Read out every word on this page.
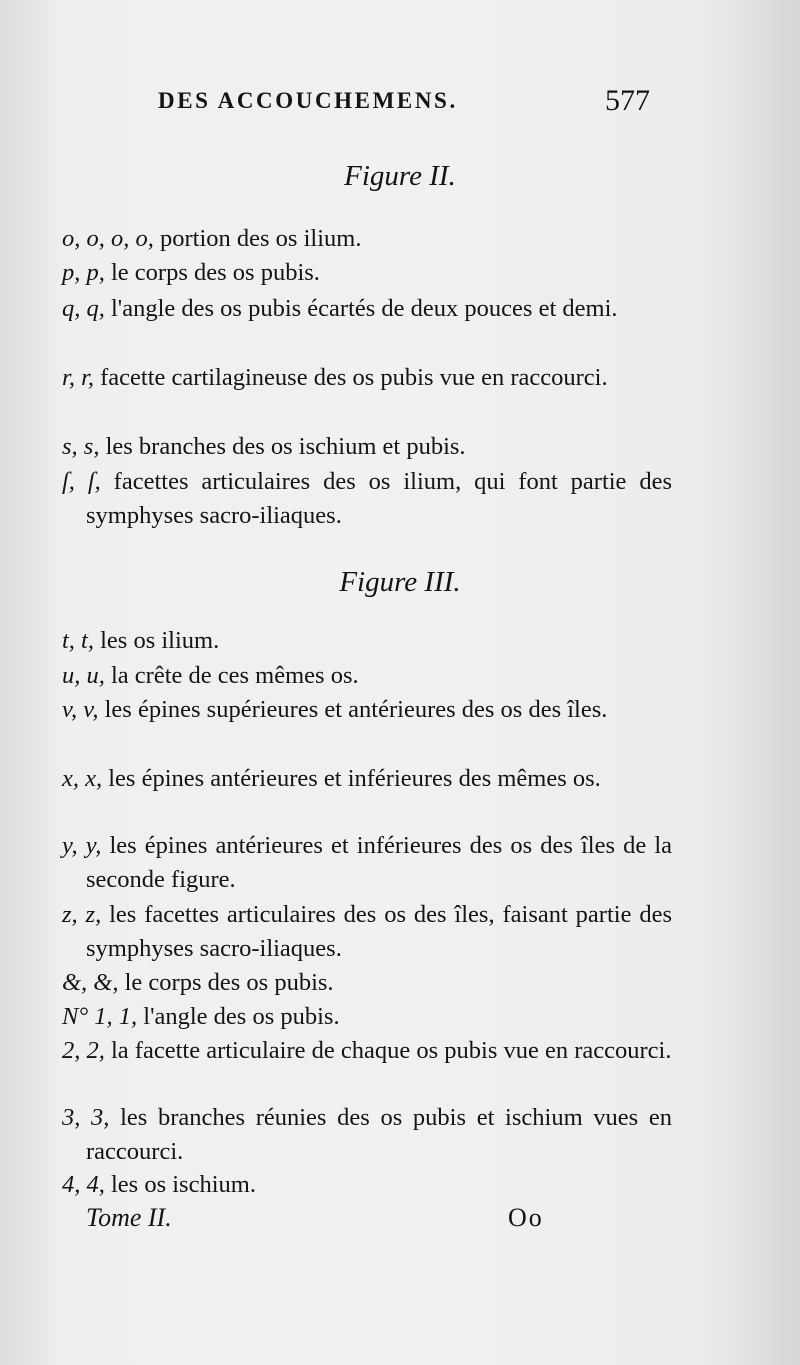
DES ACCOUCHEMENS.	577
Figure II.
o, o, o, o, portion des os ilium.
p, p, le corps des os pubis.
q, q, l'angle des os pubis écartés de deux pouces et demi.
r, r, facette cartilagineuse des os pubis vue en raccourci.
s, s, les branches des os ischium et pubis.
ſ, ſ, facettes articulaires des os ilium, qui font partie des symphyses sacro-iliaques.
Figure III.
t, t, les os ilium.
u, u, la crête de ces mêmes os.
v, v, les épines supérieures et antérieures des os des îles.
x, x, les épines antérieures et inférieures des mêmes os.
y, y, les épines antérieures et inférieures des os des îles de la seconde figure.
z, z, les facettes articulaires des os des îles, faisant partie des symphyses sacro-iliaques.
&, &, le corps des os pubis.
N° 1, 1, l'angle des os pubis.
2, 2, la facette articulaire de chaque os pubis vue en raccourci.
3, 3, les branches réunies des os pubis et ischium vues en raccourci.
4, 4, les os ischium.
Tome II.	Oo
